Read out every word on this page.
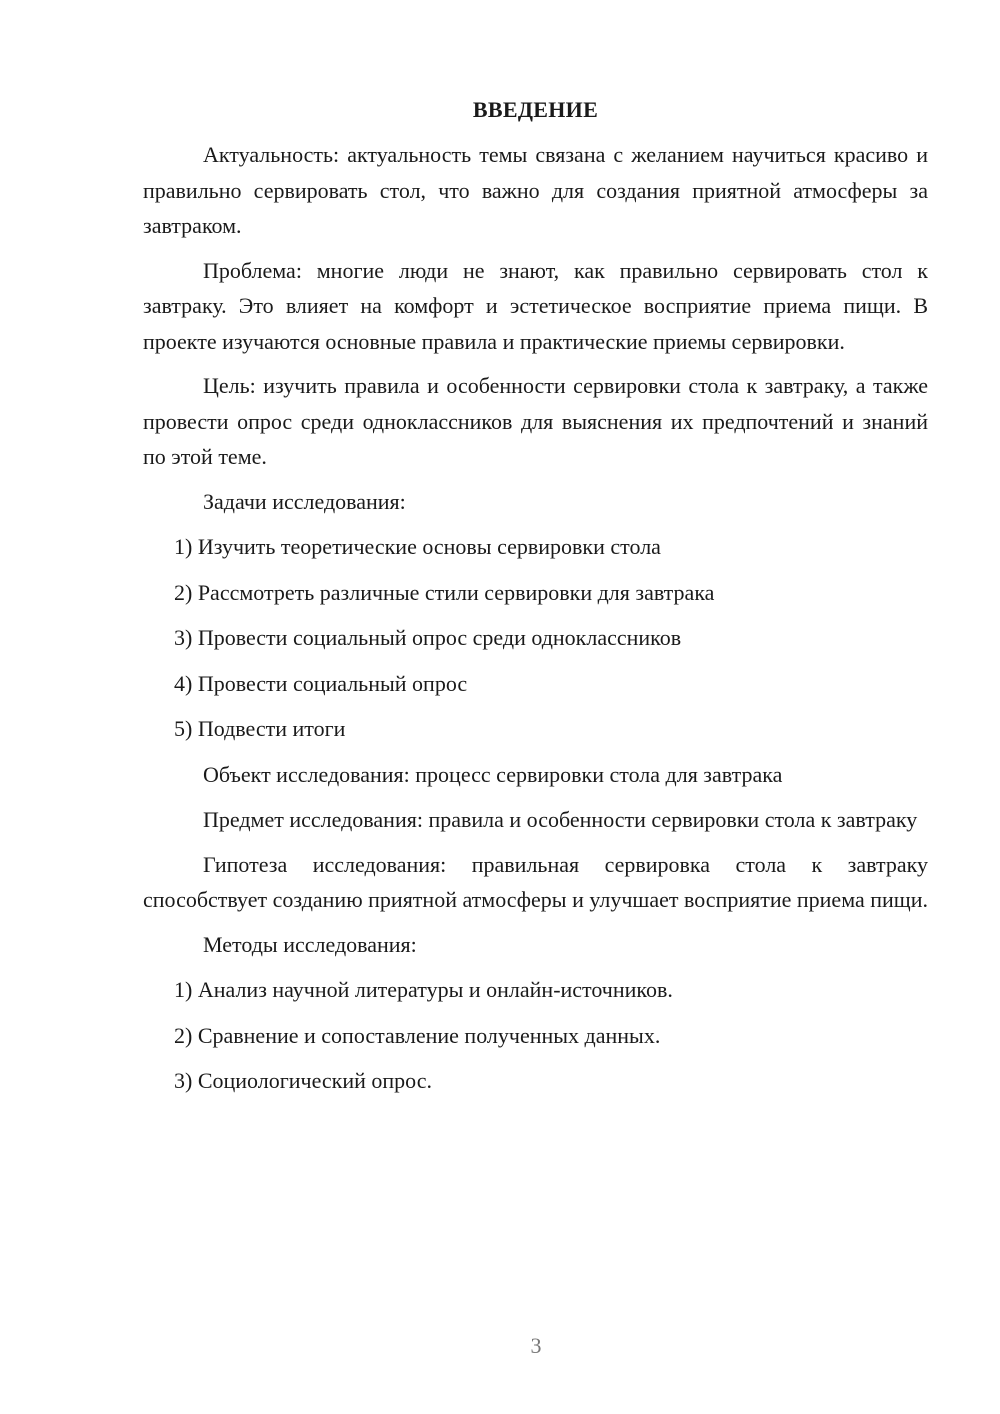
ВВЕДЕНИЕ

Актуальность: актуальность темы связана с желанием научиться красиво и правильно сервировать стол, что важно для создания приятной атмосферы за завтраком.

Проблема: многие люди не знают, как правильно сервировать стол к завтраку. Это влияет на комфорт и эстетическое восприятие приема пищи. В проекте изучаются основные правила и практические приемы сервировки.

Цель: изучить правила и особенности сервировки стола к завтраку, а также провести опрос среди одноклассников для выяснения их предпочтений и знаний по этой теме.

Задачи исследования:
1) Изучить теоретические основы сервировки стола
2) Рассмотреть различные стили сервировки для завтрака
3) Провести социальный опрос среди одноклассников
4) Провести социальный опрос
5) Подвести итоги
Объект исследования: процесс сервировки стола для завтрака

Предмет исследования: правила и особенности сервировки стола к завтраку

Гипотеза исследования: правильная сервировка стола к завтраку способствует созданию приятной атмосферы и улучшает восприятие приема пищи.

Методы исследования:
1) Анализ научной литературы и онлайн-источников.
2) Сравнение и сопоставление полученных данных.
3) Социологический опрос.
3
